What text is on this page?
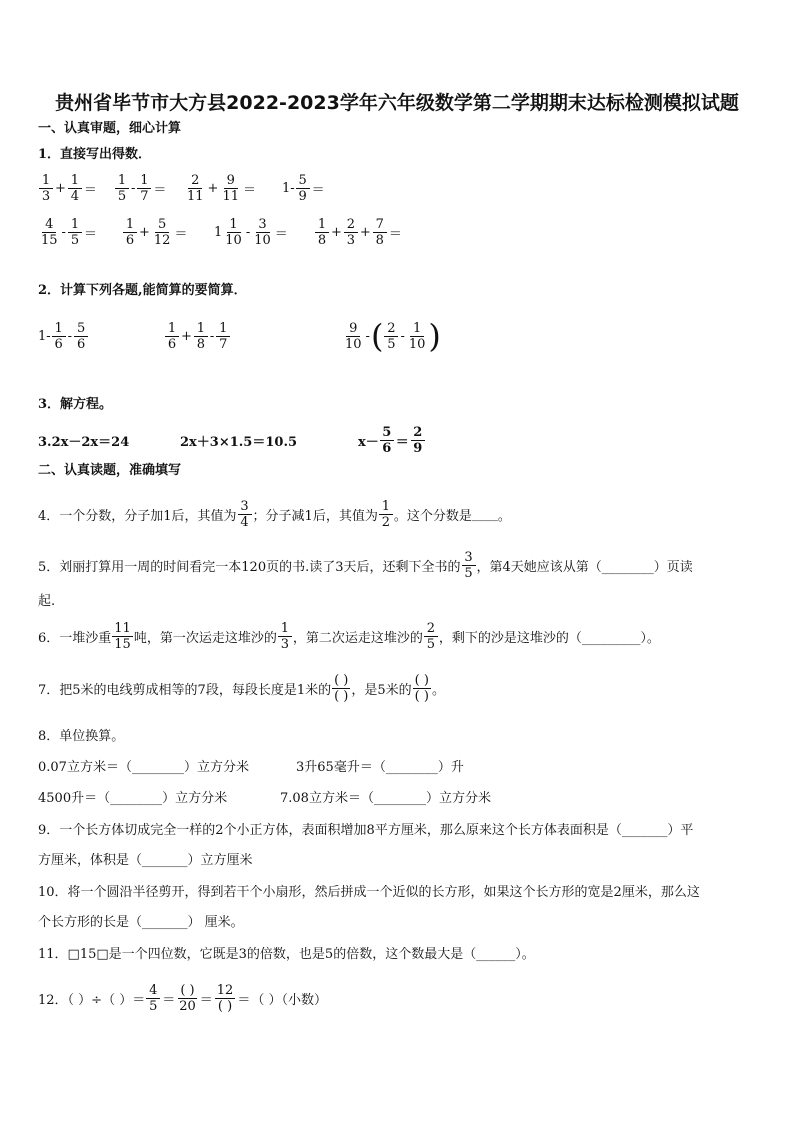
贵州省毕节市大方县2022-2023学年六年级数学第二学期期末达标检测模拟试题
一、认真审题，细心计算
1．直接写出得数．
$\frac{1}{3} + \frac{1}{4} = \frac{1}{5} - \frac{1}{7} = \frac{2}{11} + \frac{9}{11} = 1- \frac{5}{9}$ ＝
$\frac{4}{15} - \frac{1}{5} = \frac{1}{6} + \frac{5}{12} = 1 \frac{1}{10} - \frac{3}{10} = \frac{1}{8} + \frac{2}{3} + \frac{7}{8}$ ＝
2．计算下列各题,能简算的要简算．
$1- \frac{1}{6} - \frac{5}{6}$	$\frac{1}{6} + \frac{1}{8} - \frac{1}{7}$	$\frac{9}{10}$ - ( $\frac{2}{5} - \frac{1}{10}$ )
3．解方程。
3.2x－2x＝24	2x＋3×1.5＝10.5	$x- \frac{5}{6} = \frac{2}{9}$
二、认真读题，准确填写
4．一个分数，分子加1后，其值为 $\frac{3}{4}$ ；分子减1后，其值为 $\frac{1}{2}$ 。这个分数是 ____ 。
5．刘丽打算用一周的时间看完一本120页的书.读了3天后，还剩下全书的 $\frac{3}{5}$ ，第4天她应该从第（________）页读
起.
6．一堆沙重 $\frac{11}{15}$ 吨，第一次运走这堆沙的 $\frac{1}{3}$ ，第二次运走这堆沙的 $\frac{2}{5}$ ，剩下的沙是这堆沙的（_________）。
7．把5米的电线剪成相等的7段，每段长度是1米的 $\frac{( )}{( )}$ ，是5米的 $\frac{( )}{( )}$ 。
8．单位换算。
0.07立方米＝（________）立方分米	3升65毫升＝（________）升
4500升＝（________）立方分米	7.08立方米＝（________）立方分米
9．一个长方体切成完全一样的2个小正方体，表面积增加8平方厘米，那么原来这个长方体表面积是（_______）平
方厘米，体积是（_______）立方厘米
10．将一个圆沿半径剪开，得到若干个小扇形，然后拼成一个近似的长方形，如果这个长方形的宽是2厘米，那么这
个长方形的长是（_______） 厘米。
11．□15□是一个四位数，它既是3的倍数，也是5的倍数，这个数最大是（______）。
12．（ ）÷（ ）＝ $\frac{4}{5} = \frac{( )}{20} = \frac{12}{( )}$ ＝ （ ）（小数）
